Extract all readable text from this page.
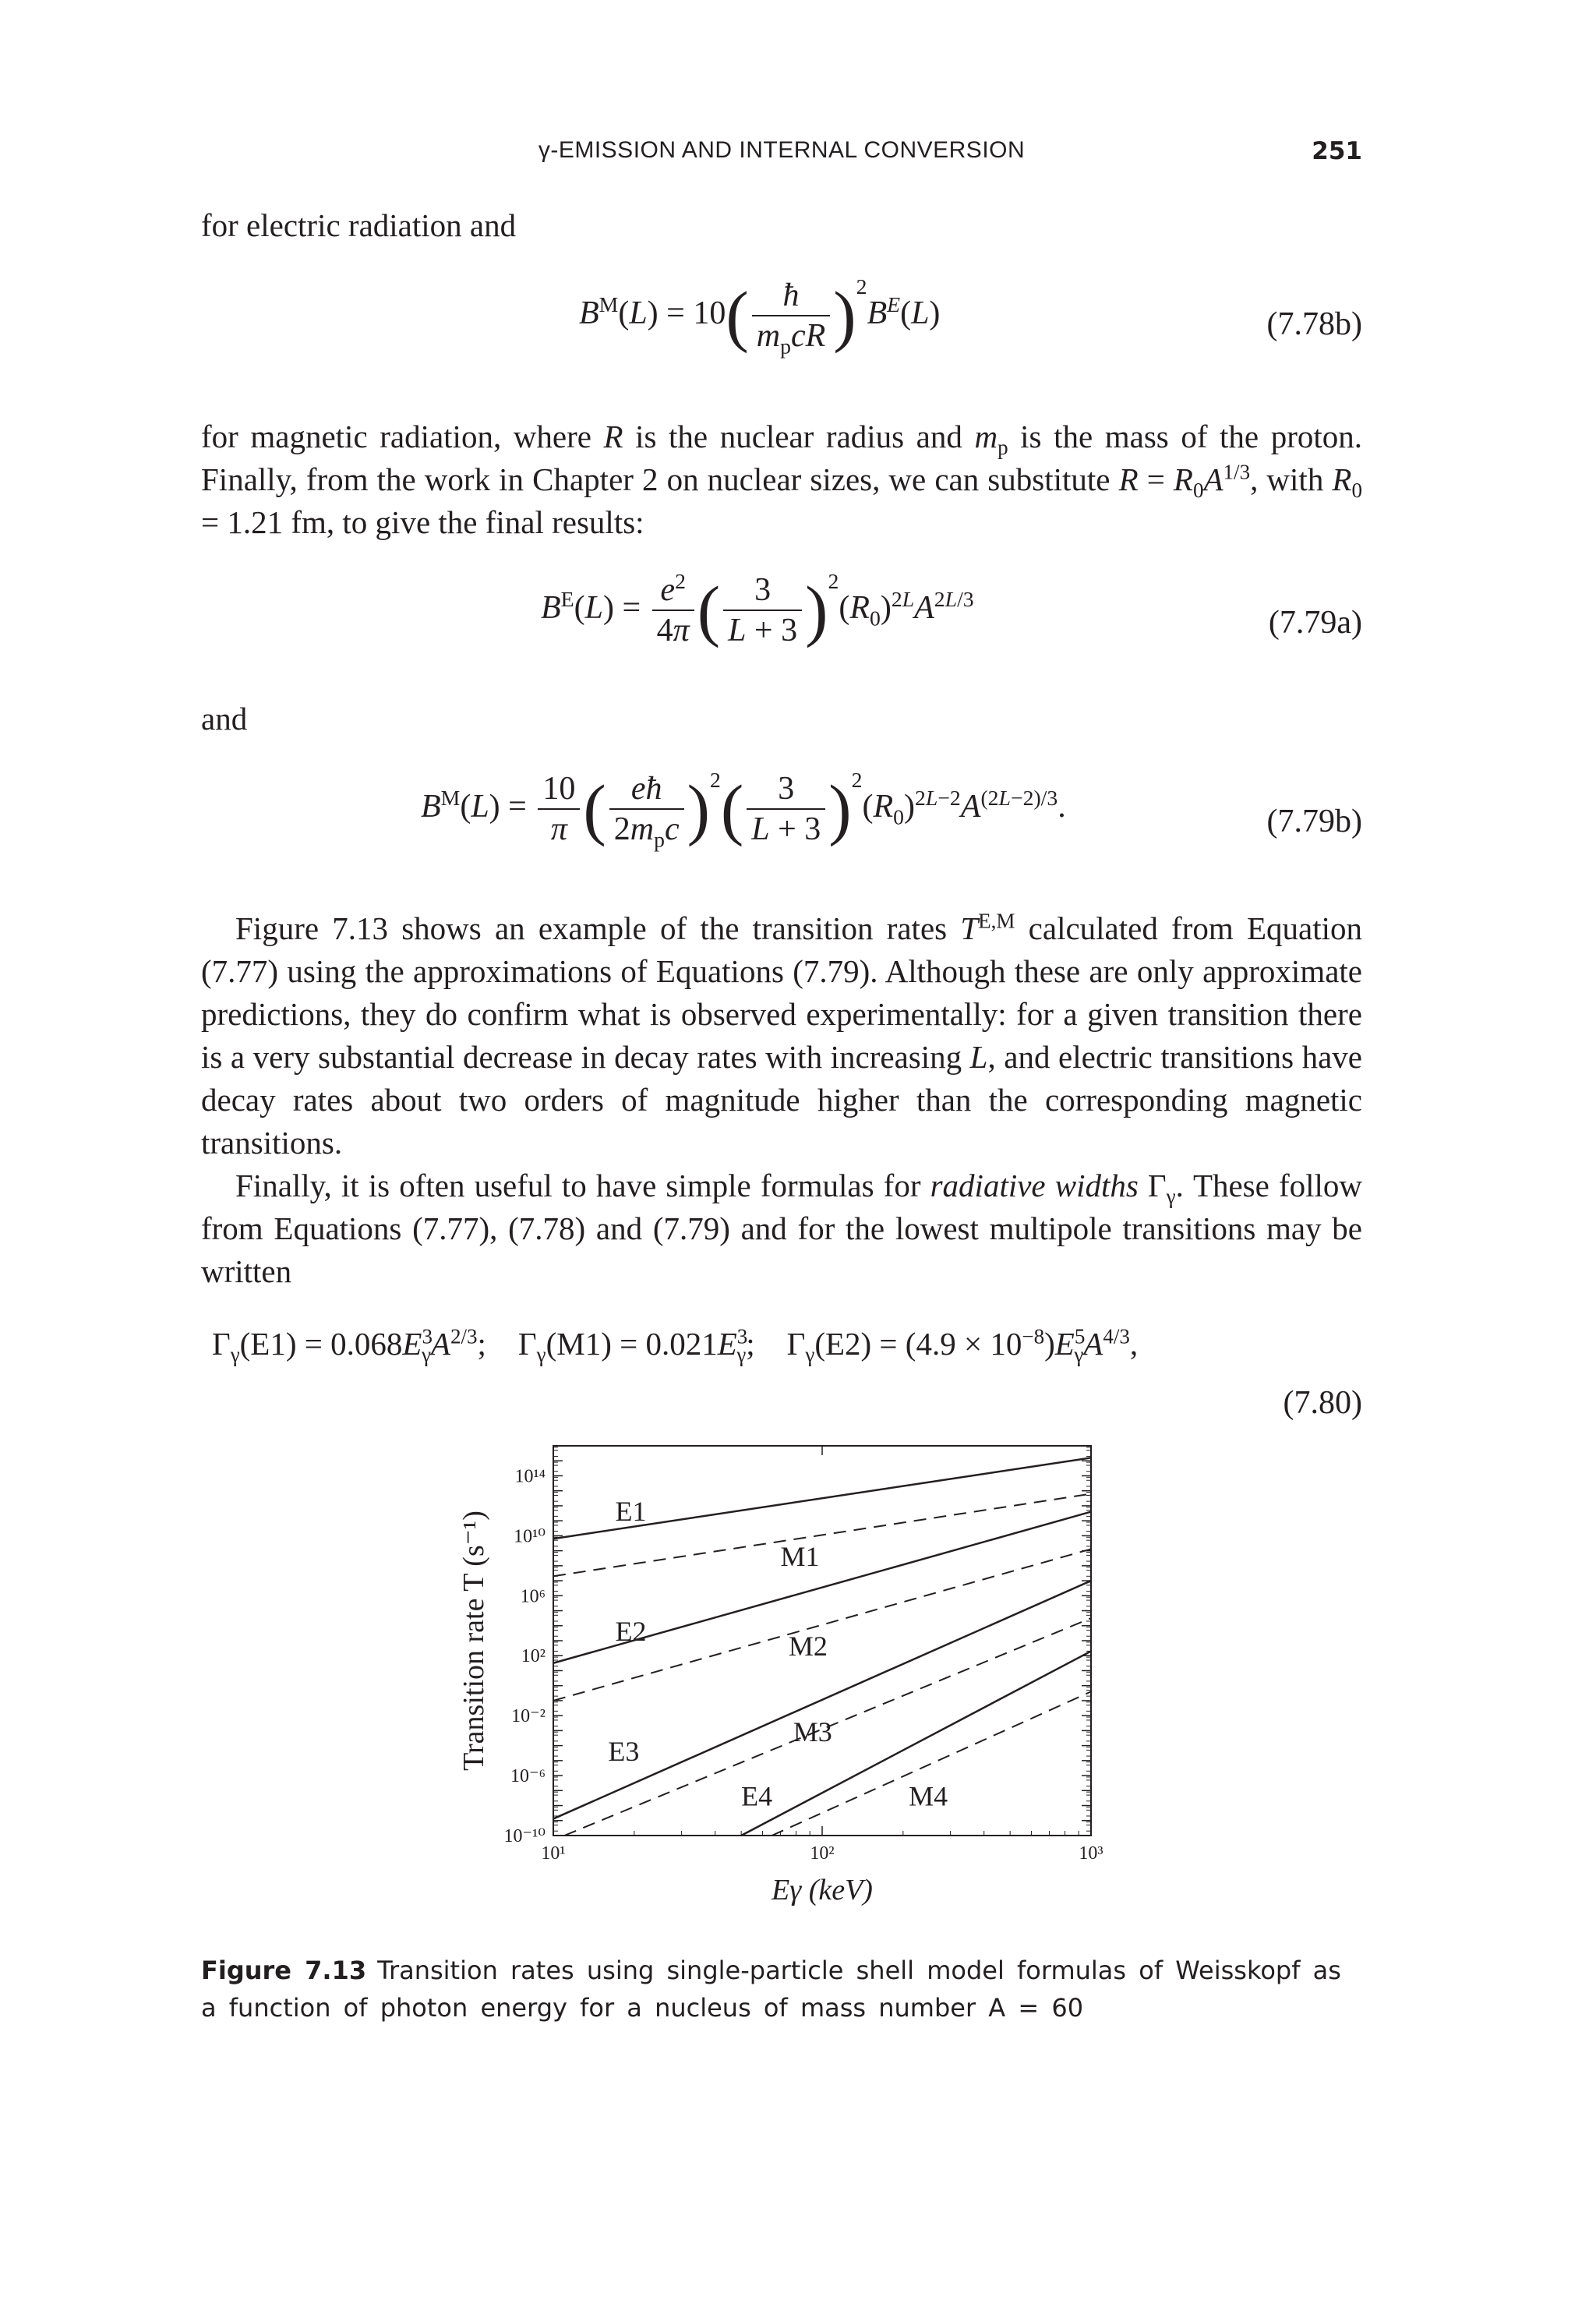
γ-EMISSION AND INTERNAL CONVERSION	251

for electric radiation and

$B^M(L) = 10( \frac{ħ}{m_pcR} )^2B^E(L)$	(7.78b)

for magnetic radiation, where R is the nuclear radius and $m_p$ is the mass of the proton. Finally, from the work in Chapter 2 on nuclear sizes, we can substitute $R = R_0A^{1/3}$, with $R_0 = 1.21$ fm, to give the final results:

$B^E(L) = \frac{e^2}{4\pi}$ ( $\frac{3}{L + 3} )^2(R_0)^{2L}A^{2L/3}$
(7.79a)

and

$B^M(L) = \frac{10}{\pi}$ ( $\frac{eħ}{2m_pc} )^2( \frac{3}{L + 3} )^2(R_0)^{2L-2}A^{(2L-2)/3}$.	(7.79b)

Figure 7.13 shows an example of the transition rates $T^{E,M}$ calculated from Equation (7.77) using the approximations of Equations (7.79). Although these are only approximate predictions, they do confirm what is observed experimentally: for a given transition there is a very substantial decrease in decay rates with increasing L, and electric transitions have decay rates about two orders of magnitude higher than the corresponding magnetic transitions.

Finally, it is often useful to have simple formulas for radiative widths $\Gamma_\gamma$. These follow from Equations (7.77), (7.78) and (7.79) and for the lowest multipole transitions may be written

$\Gamma_\gamma(E1) = 0.068E^3_\gamma A^{2/3}$;    $\Gamma_\gamma(M1) = 0.021E^3_\gamma$;    $\Gamma_\gamma(E2) = (4.9 \times 10^{-8})E^5_\gamma A^{4/3}$,
(7.80)
10⁻¹⁰
10⁻⁶
10⁻²
10²
10⁶
10¹⁰
10¹⁴
10¹	10²	10³
Eγ (keV)
Transition rate T (s⁻¹)	E1
M1
E2	M2
E3
M3
E4	M4
Figure 7.13 Transition rates using single-particle shell model formulas of Weisskopf as a function of photon energy for a nucleus of mass number A = 60
